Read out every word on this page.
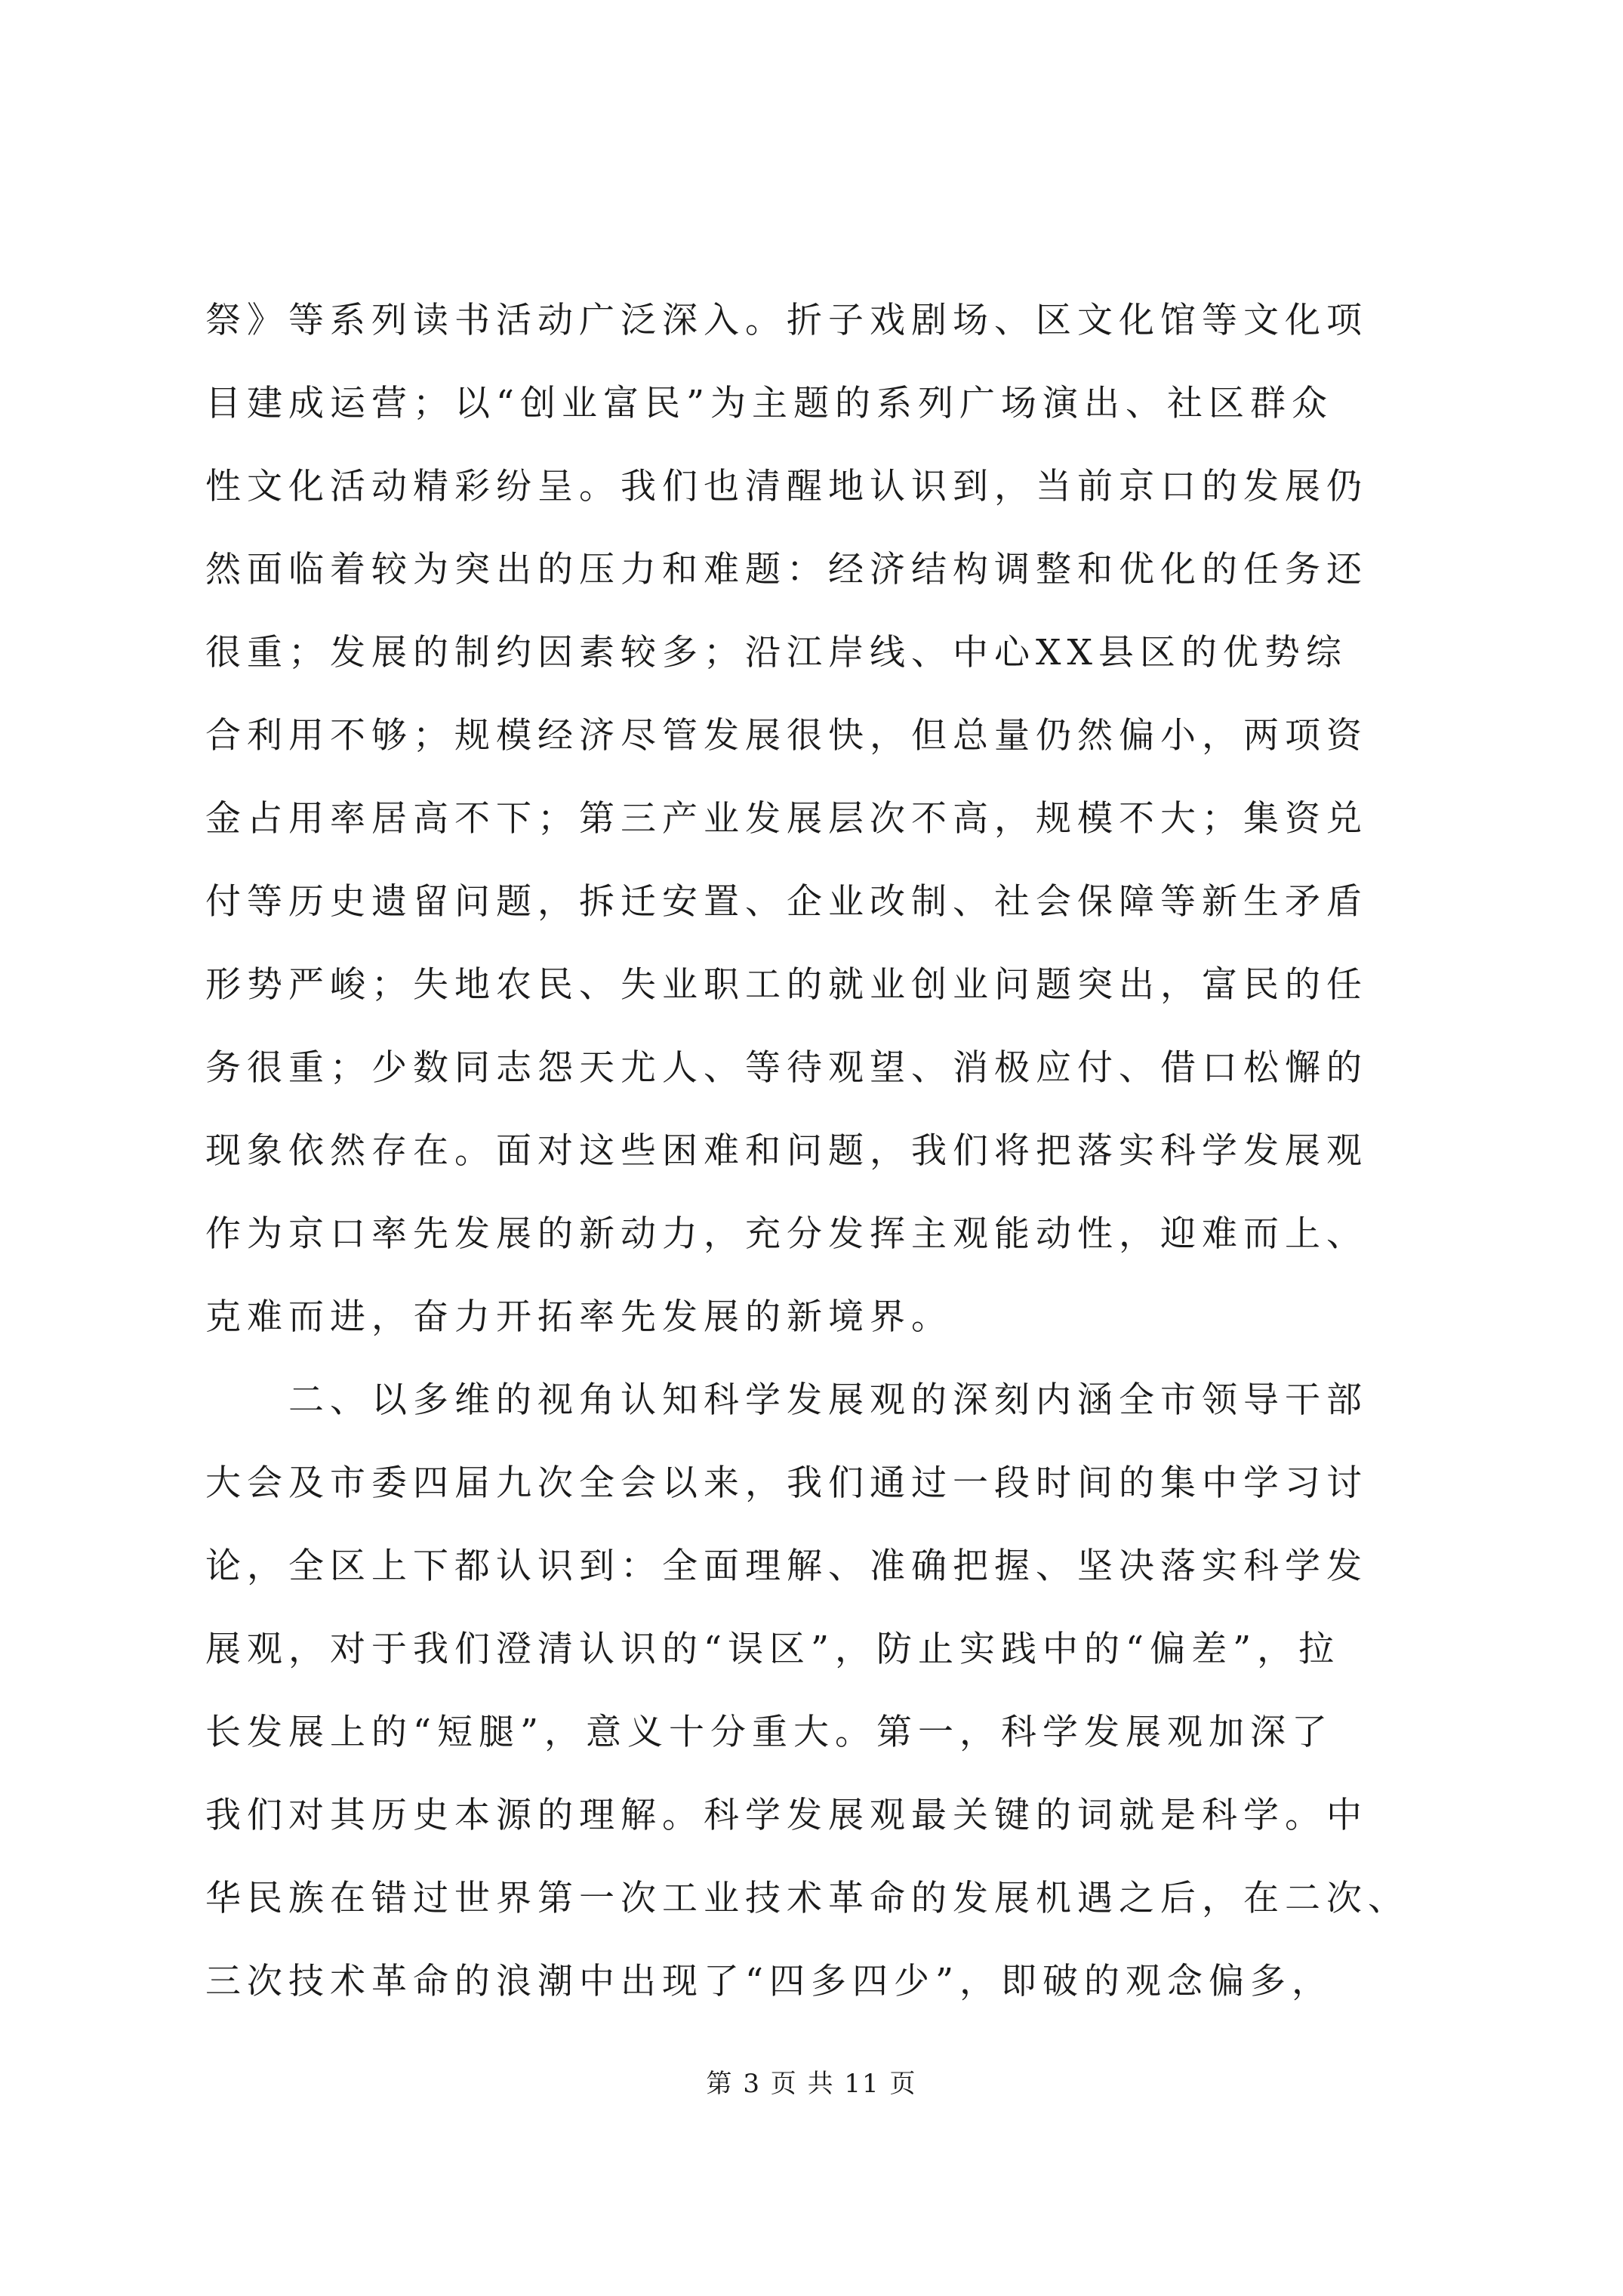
祭》等系列读书活动广泛深入。折子戏剧场、区文化馆等文化项
目建成运营；以“创业富民”为主题的系列广场演出、社区群众
性文化活动精彩纷呈。我们也清醒地认识到，当前京口的发展仍
然面临着较为突出的压力和难题：经济结构调整和优化的任务还
很重；发展的制约因素较多；沿江岸线、中心XX县区的优势综
合利用不够；规模经济尽管发展很快，但总量仍然偏小，两项资
金占用率居高不下；第三产业发展层次不高，规模不大；集资兑
付等历史遗留问题，拆迁安置、企业改制、社会保障等新生矛盾
形势严峻；失地农民、失业职工的就业创业问题突出，富民的任
务很重；少数同志怨天尤人、等待观望、消极应付、借口松懈的
现象依然存在。面对这些困难和问题，我们将把落实科学发展观
作为京口率先发展的新动力，充分发挥主观能动性，迎难而上、
克难而进，奋力开拓率先发展的新境界。
　　二、以多维的视角认知科学发展观的深刻内涵全市领导干部
大会及市委四届九次全会以来，我们通过一段时间的集中学习讨
论，全区上下都认识到：全面理解、准确把握、坚决落实科学发
展观，对于我们澄清认识的“误区”，防止实践中的“偏差”，拉
长发展上的“短腿”，意义十分重大。第一，科学发展观加深了
我们对其历史本源的理解。科学发展观最关键的词就是科学。中
华民族在错过世界第一次工业技术革命的发展机遇之后，在二次、
三次技术革命的浪潮中出现了“四多四少”，即破的观念偏多，
第 3 页 共 11 页
